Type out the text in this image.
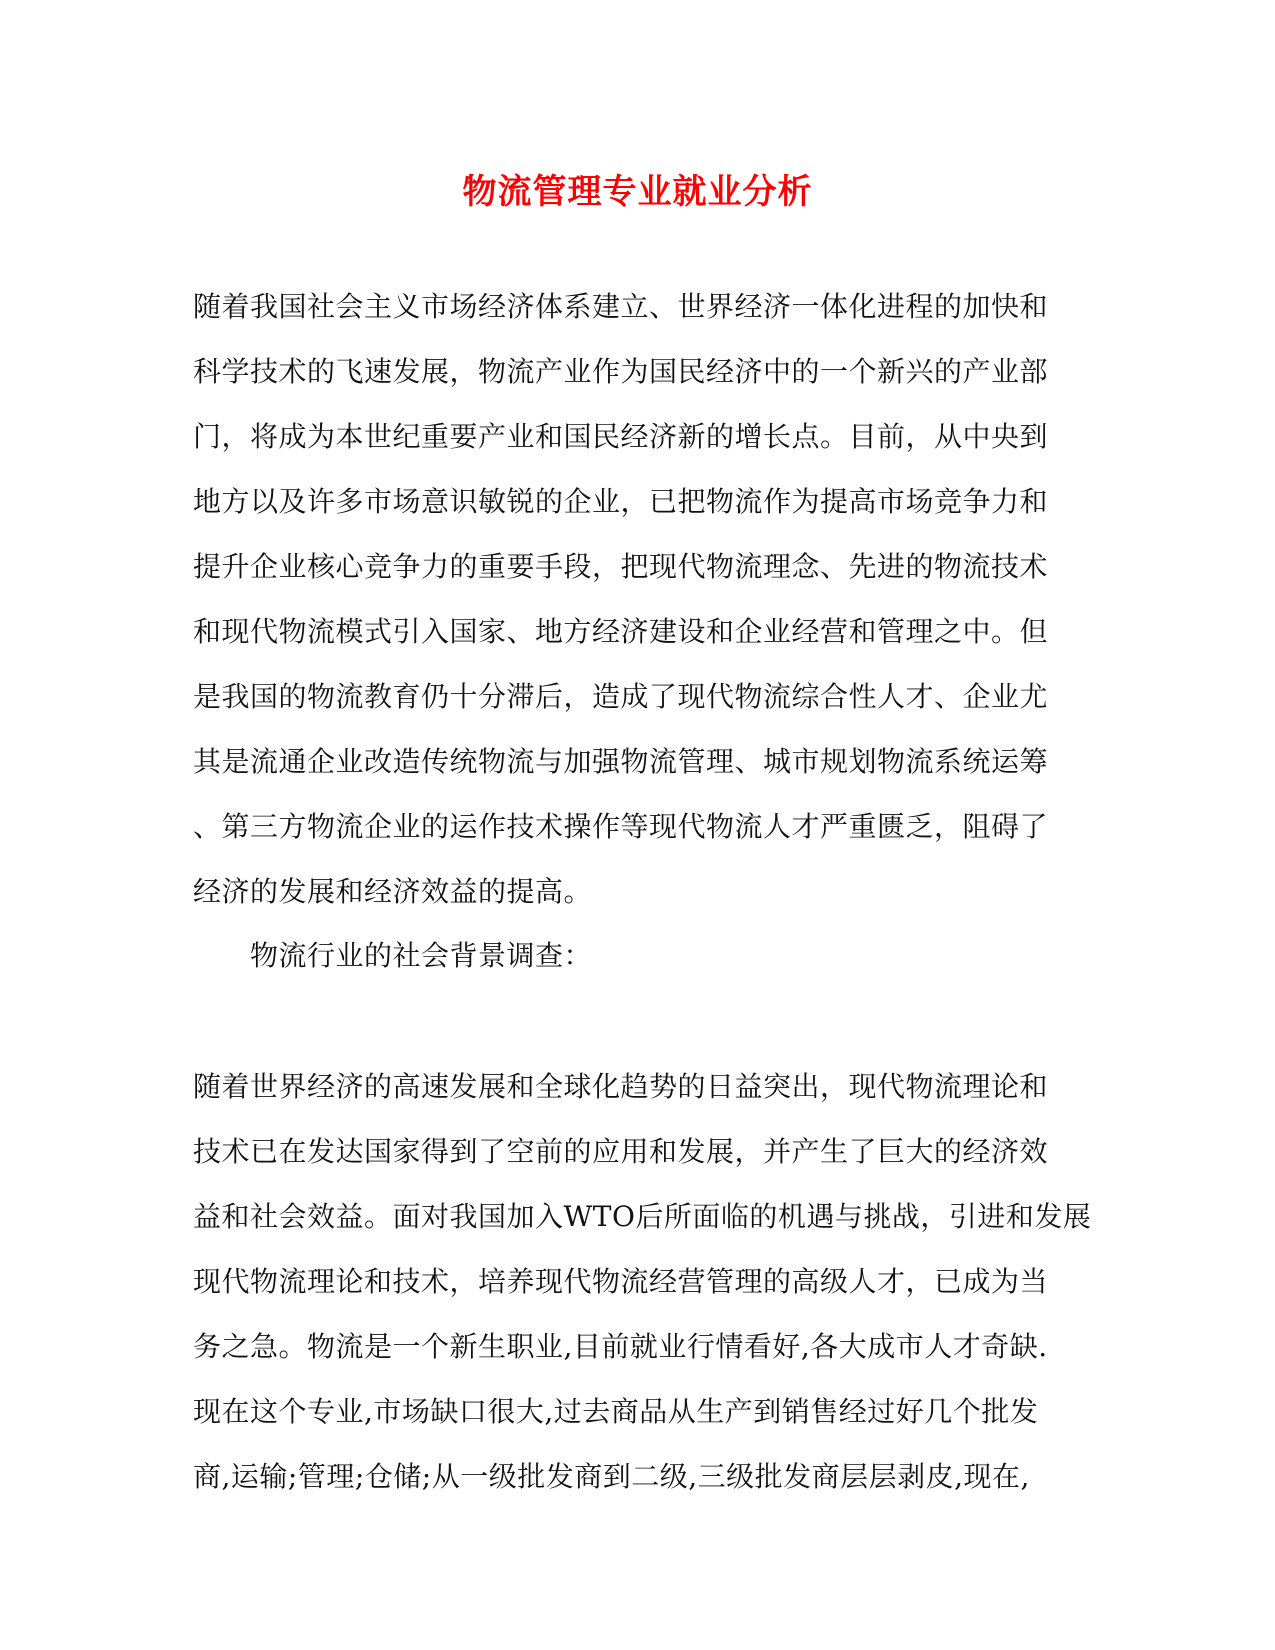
物流管理专业就业分析
随着我国社会主义市场经济体系建立、世界经济一体化进程的加快和
科学技术的飞速发展，物流产业作为国民经济中的一个新兴的产业部
门，将成为本世纪重要产业和国民经济新的增长点。目前，从中央到
地方以及许多市场意识敏锐的企业，已把物流作为提高市场竞争力和
提升企业核心竞争力的重要手段，把现代物流理念、先进的物流技术
和现代物流模式引入国家、地方经济建设和企业经营和管理之中。但
是我国的物流教育仍十分滞后，造成了现代物流综合性人才、企业尤
其是流通企业改造传统物流与加强物流管理、城市规划物流系统运筹
、第三方物流企业的运作技术操作等现代物流人才严重匮乏，阻碍了
经济的发展和经济效益的提高。
物流行业的社会背景调查：
随着世界经济的高速发展和全球化趋势的日益突出，现代物流理论和
技术已在发达国家得到了空前的应用和发展，并产生了巨大的经济效
益和社会效益。面对我国加入WTO后所面临的机遇与挑战，引进和发展
现代物流理论和技术，培养现代物流经营管理的高级人才，已成为当
务之急。物流是一个新生职业,目前就业行情看好,各大成市人才奇缺.
现在这个专业,市场缺口很大,过去商品从生产到销售经过好几个批发
商,运输;管理;仓储;从一级批发商到二级,三级批发商层层剥皮,现在,
